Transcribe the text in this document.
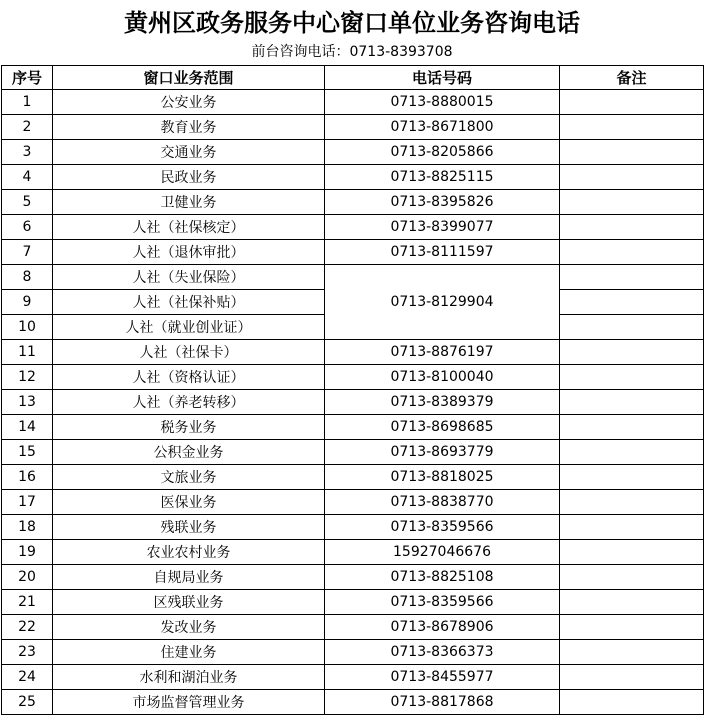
黄州区政务服务中心窗口单位业务咨询电话
前台咨询电话：0713-8393708
序号	窗口业务范围	电话号码	备注
1	公安业务	0713-8880015	
2	教育业务	0713-8671800	
3	交通业务	0713-8205866	
4	民政业务	0713-8825115	
5	卫健业务	0713-8395826	
6	人社（社保核定）	0713-8399077	
7	人社（退休审批）	0713-8111597	
8	人社（失业保险）	0713-8129904	
9	人社（社保补贴）		
10	人社（就业创业证）		
11	人社（社保卡）	0713-8876197	
12	人社（资格认证）	0713-8100040	
13	人社（养老转移）	0713-8389379	
14	税务业务	0713-8698685	
15	公积金业务	0713-8693779	
16	文旅业务	0713-8818025	
17	医保业务	0713-8838770	
18	残联业务	0713-8359566	
19	农业农村业务	15927046676	
20	自规局业务	0713-8825108	
21	区残联业务	0713-8359566	
22	发改业务	0713-8678906	
23	住建业务	0713-8366373	
24	水利和湖泊业务	0713-8455977	
25	市场监督管理业务	0713-8817868	
